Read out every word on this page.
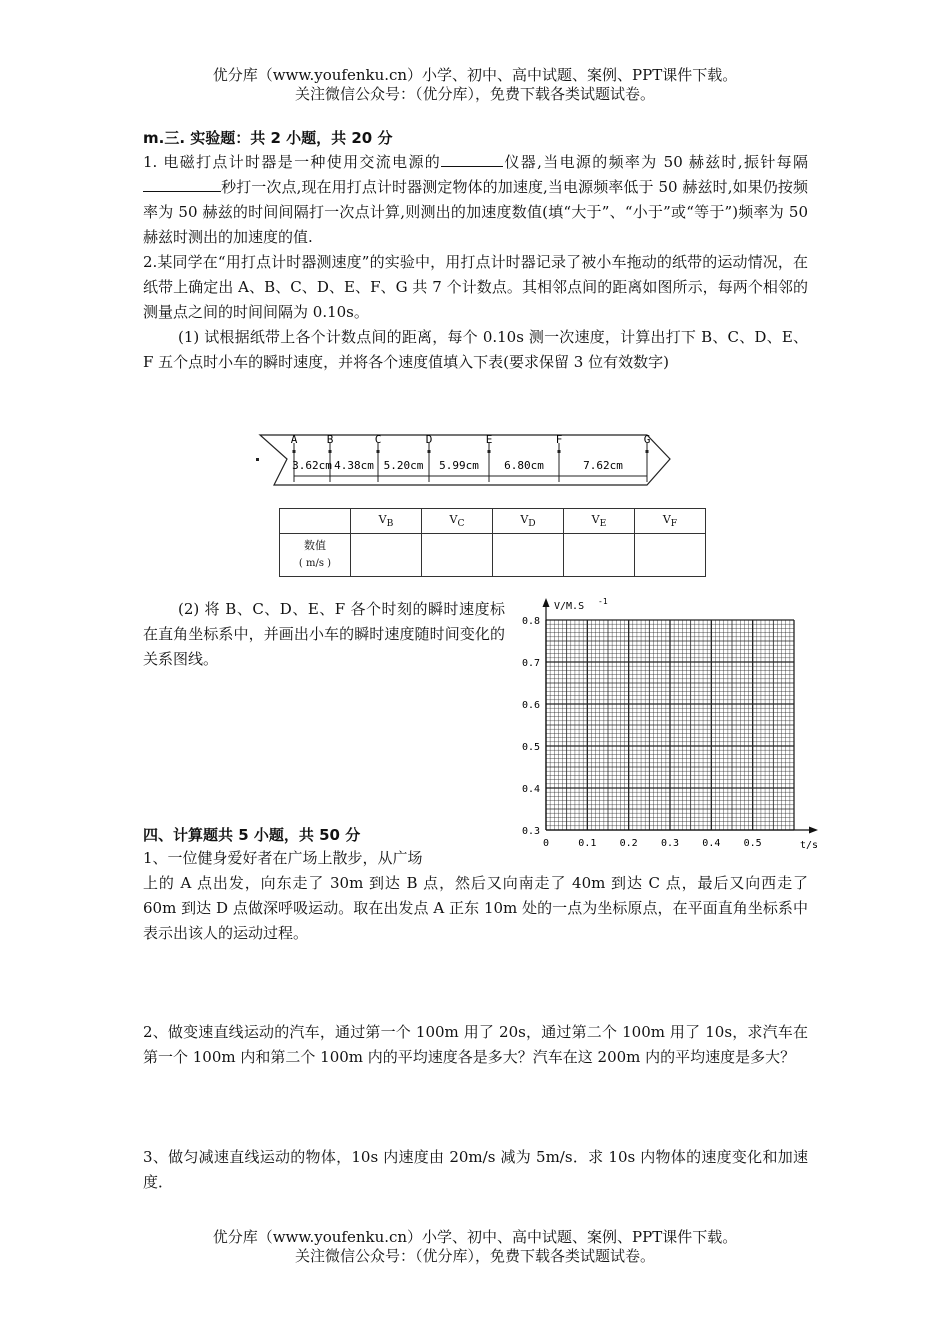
优分库（www.youfenku.cn）小学、初中、高中试题、案例、PPT课件下载。
关注微信公众号：（优分库），免费下载各类试题试卷。
m.三. 实验题：共 2 小题，共 20 分
1. 电磁打点计时器是一种使用交流电源的	仪器,当电源的频率为 50 赫兹时,振针每隔秒打一次点,现在用打点计时器测定物体的加速度,当电源频率低于 50 赫兹时,如果仍按频率为 50 赫兹的时间间隔打一次点计算,则测出的加速度数值(填“大于”、“小于”或“等于”)频率为 50 赫兹时测出的加速度的值.
2.某同学在“用打点计时器测速度”的实验中，用打点计时器记录了被小车拖动的纸带的运动情况，在纸带上确定出 A、B、C、D、E、F、G 共 7 个计数点。其相邻点间的距离如图所示，每两个相邻的测量点之间的时间间隔为 0.10s。
(1) 试根据纸带上各个计数点间的距离，每个 0.10s 测一次速度，计算出打下 B、C、D、E、F 五个点时小车的瞬时速度，并将各个速度值填入下表(要求保留 3 位有效数字)
A	B	C	D	E	F	G
3.62cm 4.38cm 5.20cm 5.99cm 6.80cm	7.62cm
	$V_B$	$V_C$	$V_D$	$V_E$	$V_F$

数值
( m/s )					

(2) 将 B、C、D、E、F 各个时刻的瞬时速度标在直角坐标系中，并画出小车的瞬时速度随时间变化的关系图线。
0.3
0.4
0.5
0.6
0.7
0.8
0	0.1 0.2 0.3 0.4 0.5
V/M.S -1
t/s
四、计算题共 5 小题，共 50 分
1、一位健身爱好者在广场上散步，从广场
上的 A 点出发，向东走了 30m 到达 B 点，然后又向南走了 40m 到达 C 点，最后又向西走了 60m 到达 D 点做深呼吸运动。取在出发点 A 正东 10m 处的一点为坐标原点，在平面直角坐标系中表示出该人的运动过程。
2、做变速直线运动的汽车，通过第一个 100m 用了 20s，通过第二个 100m 用了 10s，求汽车在第一个 100m 内和第二个 100m 内的平均速度各是多大？汽车在这 200m 内的平均速度是多大？
3、做匀减速直线运动的物体，10s 内速度由 20m/s 减为 5m/s．求 10s 内物体的速度变化和加速度．
优分库（www.youfenku.cn）小学、初中、高中试题、案例、PPT课件下载。
关注微信公众号：（优分库），免费下载各类试题试卷。
